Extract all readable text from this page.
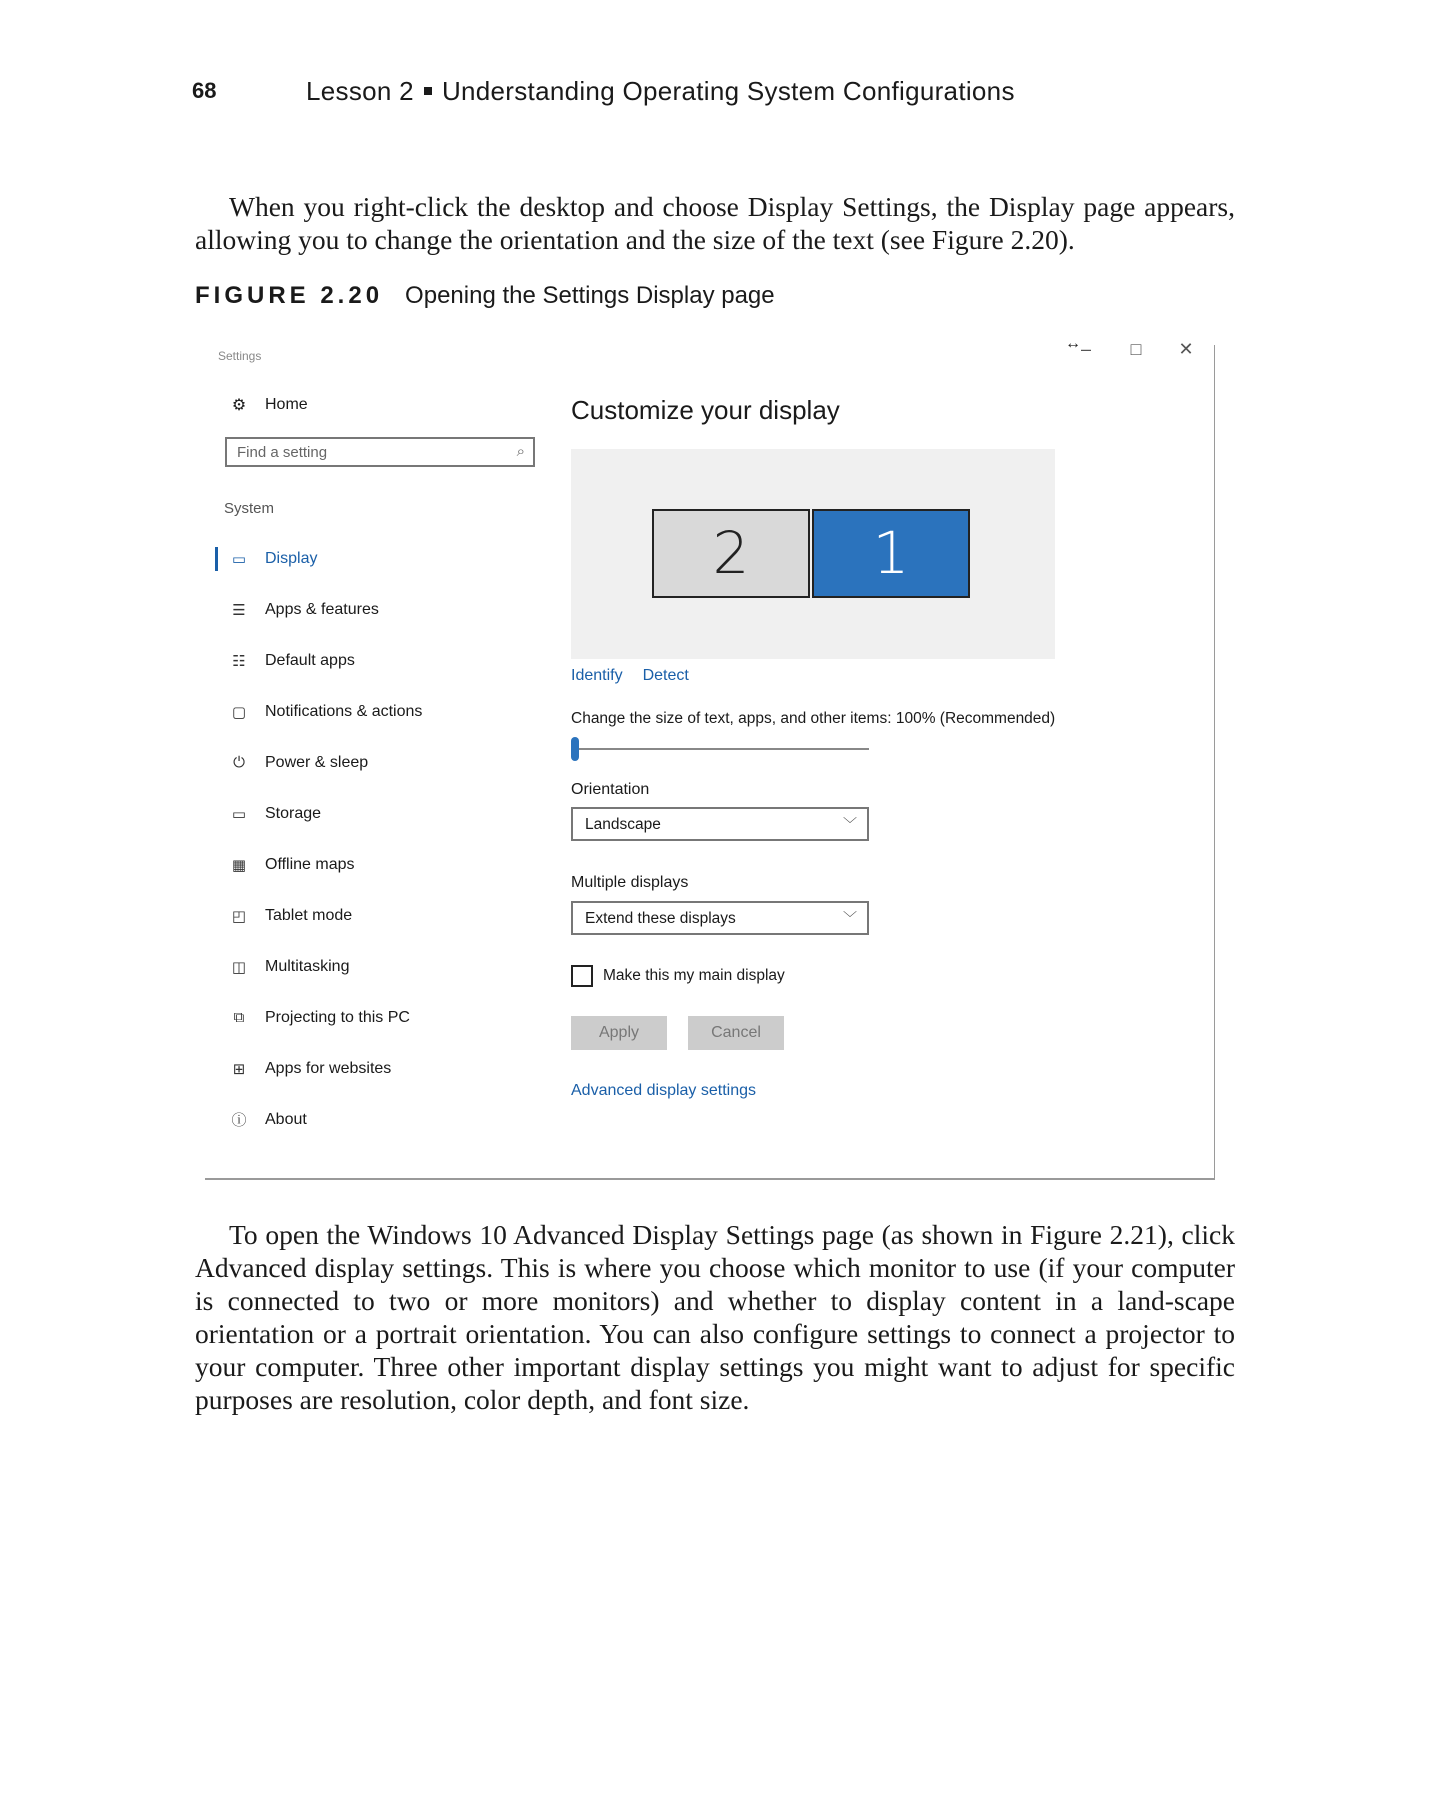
68	Lesson 2 Understanding Operating System Configurations

When you right-click the desktop and choose Display Settings, the Display page appears, allowing you to change the orientation and the size of the text (see Figure 2.20).

FIGURE 2.20 Opening the Settings Display page
Settings
↔ –	□	✕
⚙	Home
Find a setting	⌕
System
▭	Display
☰	Apps & features
☷	Default apps
▢	Notifications & actions
⏻	Power & sleep
▭	Storage
▦	Offline maps
◰	Tablet mode
◫	Multitasking
⧉	Projecting to this PC
⊞	Apps for websites
ⓘ About
Customize your display
2	1
Identify Detect
Change the size of text, apps, and other items: 100% (Recommended)
Orientation
Landscape	﹀
Multiple displays
Extend these displays	﹀
Make this my main display
Apply	Cancel
Advanced display settings

To open the Windows 10 Advanced Display Settings page (as shown in Figure 2.21), click Advanced display settings. This is where you choose which monitor to use (if your computer is connected to two or more monitors) and whether to display content in a land-scape orientation or a portrait orientation. You can also configure settings to connect a projector to your computer. Three other important display settings you might want to adjust for specific purposes are resolution, color depth, and font size.
